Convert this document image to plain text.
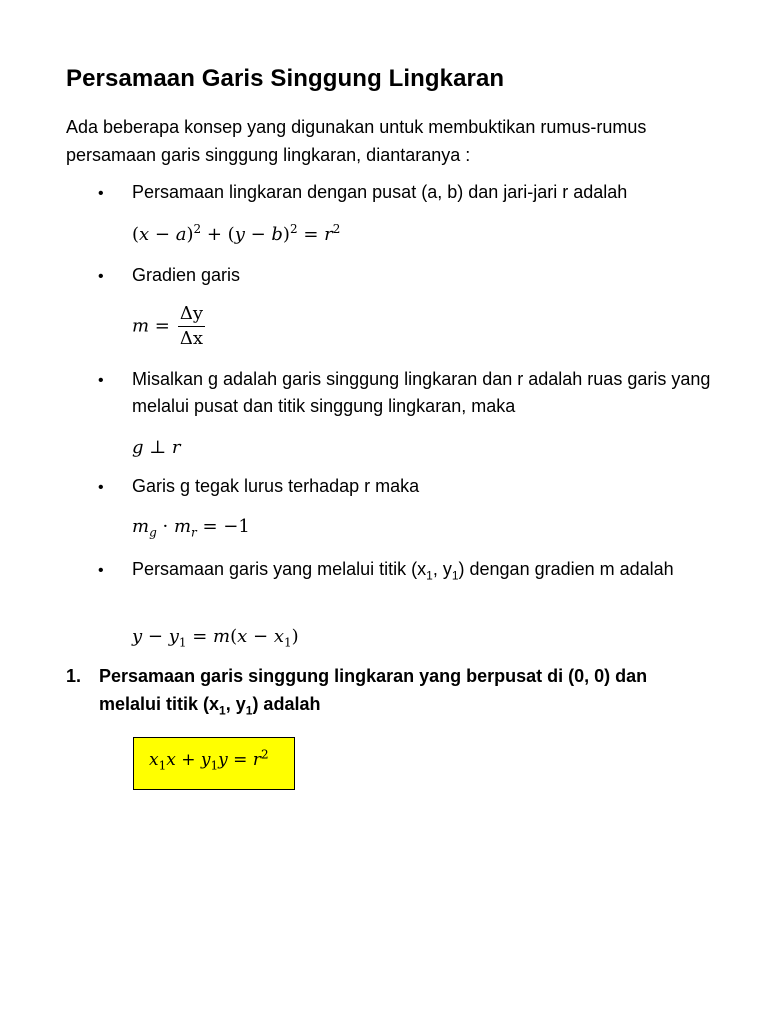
Persamaan Garis Singgung Lingkaran

Ada beberapa konsep yang digunakan untuk membuktikan rumus-rumus persamaan garis singgung lingkaran, diantaranya :

• Persamaan lingkaran dengan pusat (a, b) dan jari-jari r adalah
$(x - a)^2 + (y - b)^2 = r^2$
• Gradien garis
$m = \frac{\Delta y}{\Delta x}$
• Misalkan g adalah garis singgung lingkaran dan r adalah ruas garis yang melalui pusat dan titik singgung lingkaran, maka
g ⊥ r
• Garis g tegak lurus terhadap r maka
$m_g \cdot m_r = -1$
• Persamaan garis yang melalui titik ($x_1$, $y_1$) dengan gradien m adalah
$y - y_1 = m(x - x_1)$
1. Persamaan garis singgung lingkaran yang berpusat di (0, 0) dan melalui titik ($x_1$, $y_1$) adalah
$x_1x + y_1y = r^2$
